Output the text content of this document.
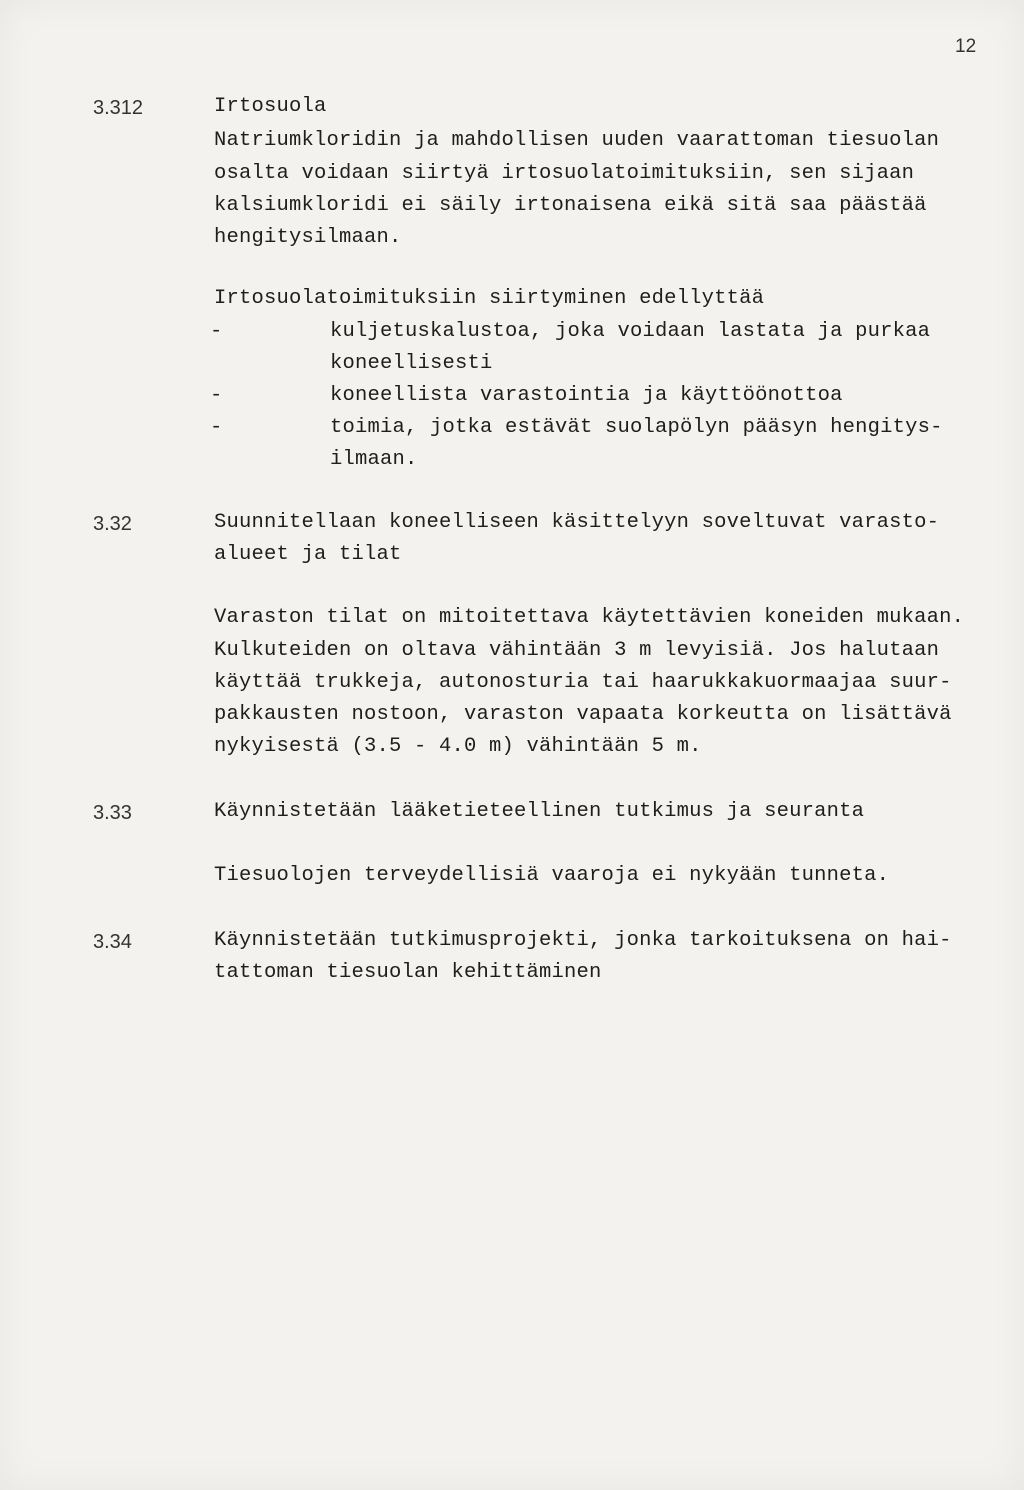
12
3.312	Irtosuola
Natriumkloridin ja mahdollisen uuden vaarattoman tiesuolan
osalta voidaan siirtyä irtosuolatoimituksiin, sen sijaan
kalsiumkloridi ei säily irtonaisena eikä sitä saa päästää
hengitysilmaan.
Irtosuolatoimituksiin siirtyminen edellyttää
-	kuljetuskalustoa, joka voidaan lastata ja purkaa
koneellisesti
-	koneellista varastointia ja käyttöönottoa
-	toimia, jotka estävät suolapölyn pääsyn hengitys-
ilmaan.
3.32	Suunnitellaan koneelliseen käsittelyyn soveltuvat varasto-
alueet ja tilat
Varaston tilat on mitoitettava käytettävien koneiden mukaan.
Kulkuteiden on oltava vähintään 3 m levyisiä. Jos halutaan
käyttää trukkeja, autonosturia tai haarukkakuormaajaa suur-
pakkausten nostoon, varaston vapaata korkeutta on lisättävä
nykyisestä (3.5 - 4.0 m) vähintään 5 m.
3.33	Käynnistetään lääketieteellinen tutkimus ja seuranta
Tiesuolojen terveydellisiä vaaroja ei nykyään tunneta.
3.34	Käynnistetään tutkimusprojekti, jonka tarkoituksena on hai-
tattoman tiesuolan kehittäminen
